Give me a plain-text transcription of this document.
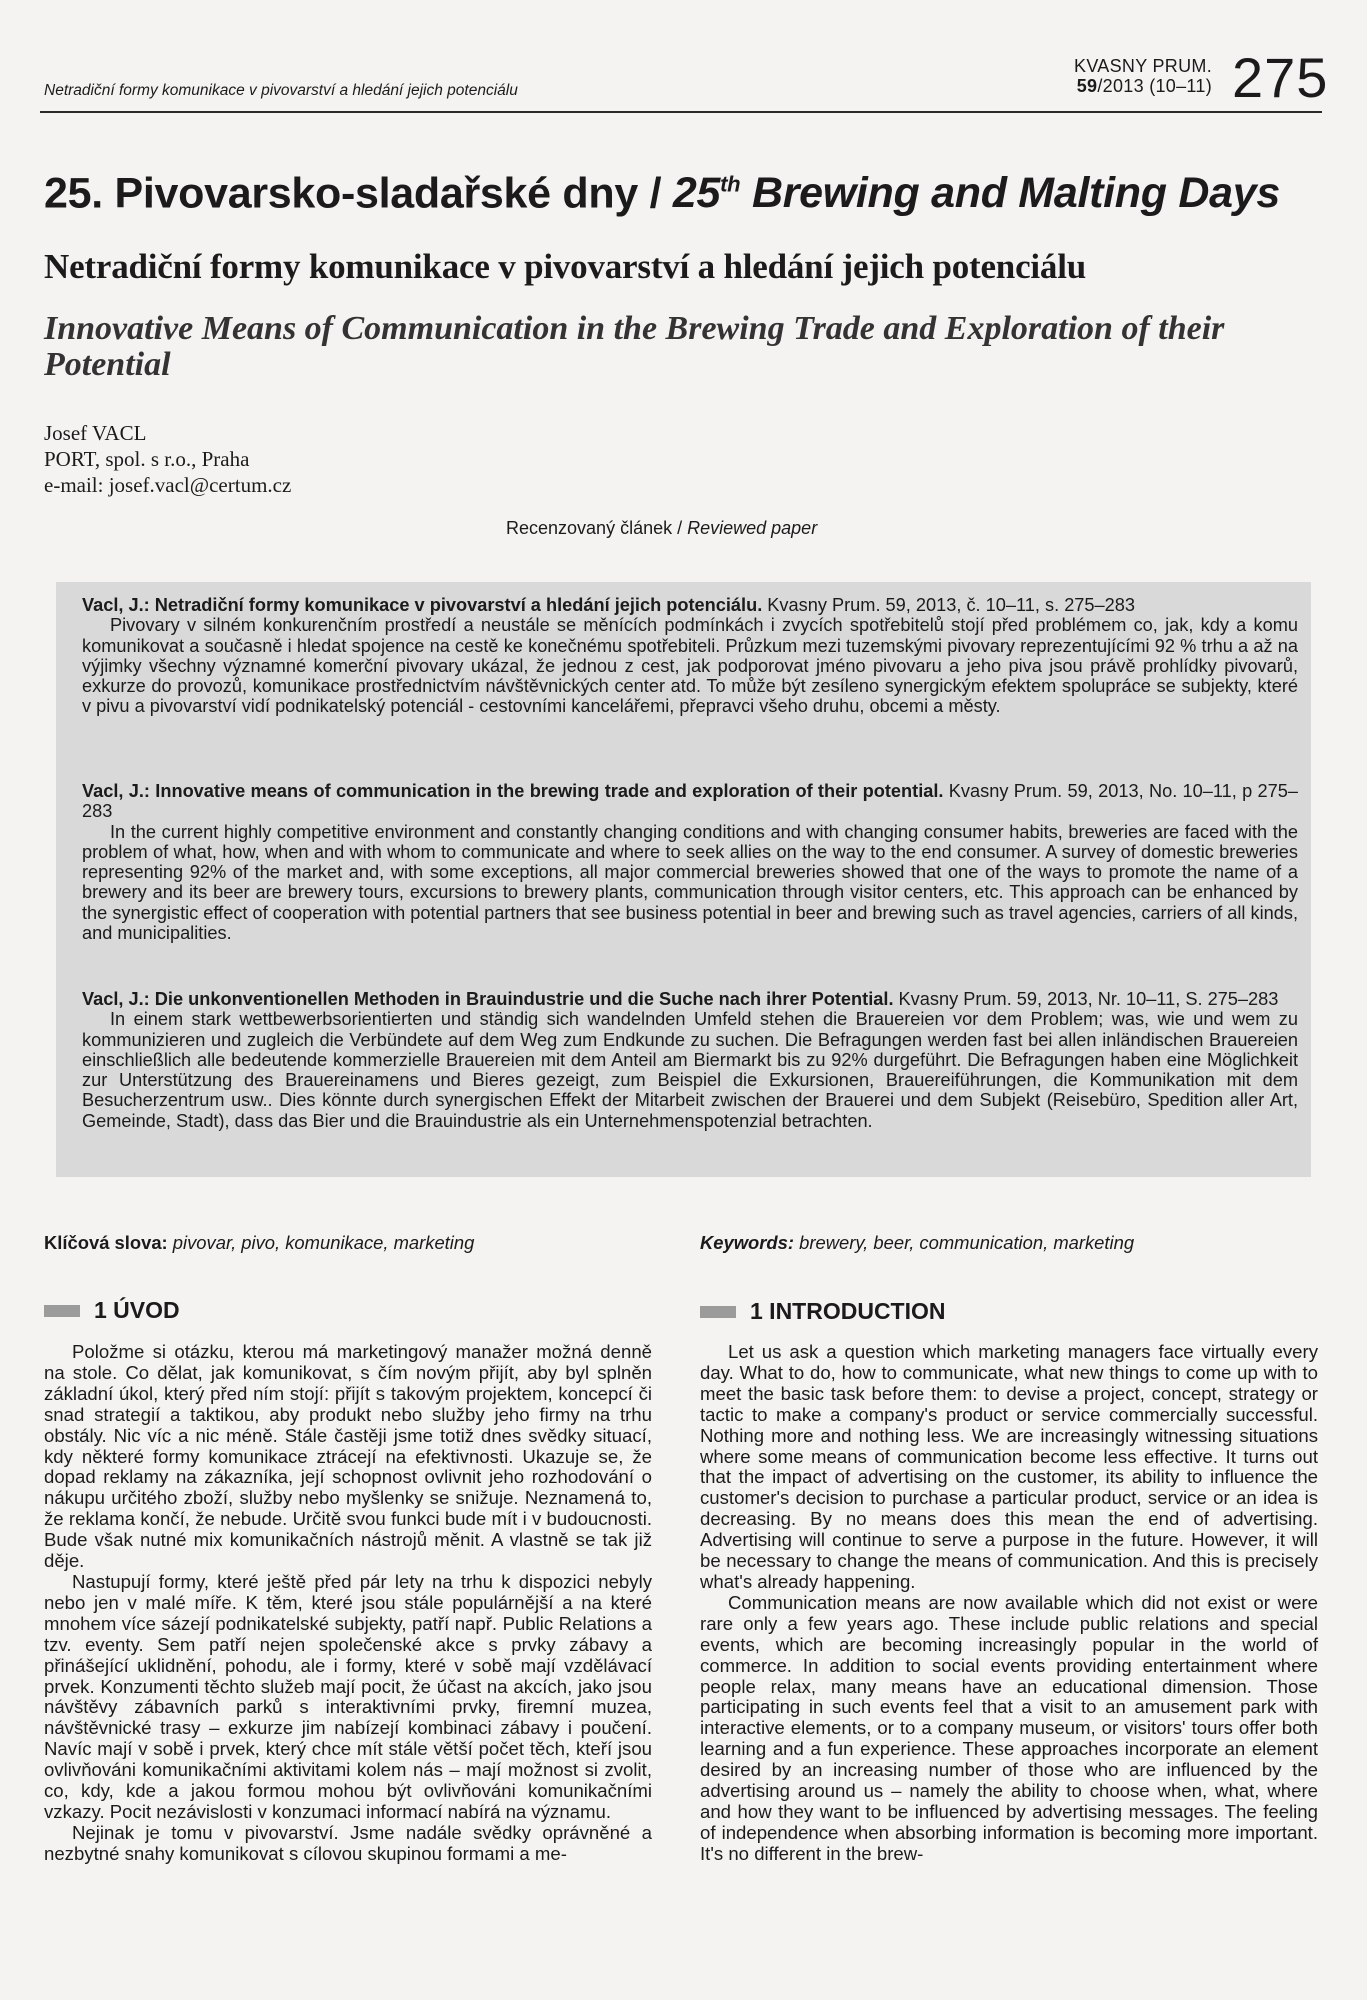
Netradiční formy komunikace v pivovarství a hledání jejich potenciálu
KVASNY PRUM.
59/2013 (10–11) 275
25. Pivovarsko-sladařské dny / 25th Brewing and Malting Days
Netradiční formy komunikace v pivovarství a hledání jejich potenciálu
Innovative Means of Communication in the Brewing Trade and Exploration of their Potential
Josef VACL
PORT, spol. s r.o., Praha
e-mail: josef.vacl@certum.cz
Recenzovaný článek / Reviewed paper

Vacl, J.: Netradiční formy komunikace v pivovarství a hledání jejich potenciálu. Kvasny Prum. 59, 2013, č. 10–11, s. 275–283

Pivovary v silném konkurenčním prostředí a neustále se měnících podmínkách i zvycích spotřebitelů stojí před problémem co, jak, kdy a komu komunikovat a současně i hledat spojence na cestě ke konečnému spotřebiteli. Průzkum mezi tuzemskými pivovary reprezentujícími 92 % trhu a až na výjimky všechny významné komerční pivovary ukázal, že jednou z cest, jak podporovat jméno pivovaru a jeho piva jsou právě prohlídky pivovarů, exkurze do provozů, komunikace prostřednictvím návštěvnických center atd. To může být zesíleno synergickým efektem spolupráce se subjekty, které v pivu a pivovarství vidí podnikatelský potenciál - cestovními kancelářemi, přepravci všeho druhu, obcemi a městy.

Vacl, J.: Innovative means of communication in the brewing trade and exploration of their potential. Kvasny Prum. 59, 2013, No. 10–11, p 275–283

In the current highly competitive environment and constantly changing conditions and with changing consumer habits, breweries are faced with the problem of what, how, when and with whom to communicate and where to seek allies on the way to the end consumer. A survey of domestic breweries representing 92% of the market and, with some exceptions, all major commercial breweries showed that one of the ways to promote the name of a brewery and its beer are brewery tours, excursions to brewery plants, communication through visitor centers, etc. This approach can be enhanced by the synergistic effect of cooperation with potential partners that see business potential in beer and brewing such as travel agencies, carriers of all kinds, and municipalities.

Vacl, J.: Die unkonventionellen Methoden in Brauindustrie und die Suche nach ihrer Potential. Kvasny Prum. 59, 2013, Nr. 10–11, S. 275–283

In einem stark wettbewerbsorientierten und ständig sich wandelnden Umfeld stehen die Brauereien vor dem Problem; was, wie und wem zu kommunizieren und zugleich die Verbündete auf dem Weg zum Endkunde zu suchen. Die Befragungen werden fast bei allen inländischen Brauereien einschließlich alle bedeutende kommerzielle Brauereien mit dem Anteil am Biermarkt bis zu 92% durgeführt. Die Befragungen haben eine Möglichkeit zur Unterstützung des Brauereinamens und Bieres gezeigt, zum Beispiel die Exkursionen, Brauereiführungen, die Kommunikation mit dem Besucherzentrum usw.. Dies könnte durch synergischen Effekt der Mitarbeit zwischen der Brauerei und dem Subjekt (Reisebüro, Spedition aller Art, Gemeinde, Stadt), dass das Bier und die Brauindustrie als ein Unternehmenspotenzial betrachten.

Klíčová slova: pivovar, pivo, komunikace, marketing	Keywords: brewery, beer, communication, marketing
1 ÚVOD	1 INTRODUCTION

Položme si otázku, kterou má marketingový manažer možná denně na stole. Co dělat, jak komunikovat, s čím novým přijít, aby byl splněn základní úkol, který před ním stojí: přijít s takovým projektem, koncepcí či snad strategií a taktikou, aby produkt nebo služby jeho firmy na trhu obstály. Nic víc a nic méně. Stále častěji jsme totiž dnes svědky situací, kdy některé formy komunikace ztrácejí na efektivnosti. Ukazuje se, že dopad reklamy na zákazníka, její schopnost ovlivnit jeho rozhodování o nákupu určitého zboží, služby nebo myšlenky se snižuje. Neznamená to, že reklama končí, že nebude. Určitě svou funkci bude mít i v budoucnosti. Bude však nutné mix komunikačních nástrojů měnit. A vlastně se tak již děje.

Nastupují formy, které ještě před pár lety na trhu k dispozici nebyly nebo jen v malé míře. K těm, které jsou stále populárnější a na které mnohem více sázejí podnikatelské subjekty, patří např. Public Relations a tzv. eventy. Sem patří nejen společenské akce s prvky zábavy a přinášející uklidnění, pohodu, ale i formy, které v sobě mají vzdělávací prvek. Konzumenti těchto služeb mají pocit, že účast na akcích, jako jsou návštěvy zábavních parků s interaktivními prvky, firemní muzea, návštěvnické trasy – exkurze jim nabízejí kombinaci zábavy i poučení. Navíc mají v sobě i prvek, který chce mít stále větší počet těch, kteří jsou ovlivňováni komunikačními aktivitami kolem nás – mají možnost si zvolit, co, kdy, kde a jakou formou mohou být ovlivňováni komunikačními vzkazy. Pocit nezávislosti v konzumaci informací nabírá na významu.

Nejinak je tomu v pivovarství. Jsme nadále svědky oprávněné a nezbytné snahy komunikovat s cílovou skupinou formami a me-

Let us ask a question which marketing managers face virtually every day. What to do, how to communicate, what new things to come up with to meet the basic task before them: to devise a project, concept, strategy or tactic to make a company's product or service commercially successful. Nothing more and nothing less. We are increasingly witnessing situations where some means of communication become less effective. It turns out that the impact of advertising on the customer, its ability to influence the customer's decision to purchase a particular product, service or an idea is decreasing. By no means does this mean the end of advertising. Advertising will continue to serve a purpose in the future. However, it will be necessary to change the means of communication. And this is precisely what's already happening.

Communication means are now available which did not exist or were rare only a few years ago. These include public relations and special events, which are becoming increasingly popular in the world of commerce. In addition to social events providing entertainment where people relax, many means have an educational dimension. Those participating in such events feel that a visit to an amusement park with interactive elements, or to a company museum, or visitors' tours offer both learning and a fun experience. These approaches incorporate an element desired by an increasing number of those who are influenced by the advertising around us – namely the ability to choose when, what, where and how they want to be influenced by advertising messages. The feeling of independence when absorbing information is becoming more important. It's no different in the brew-
